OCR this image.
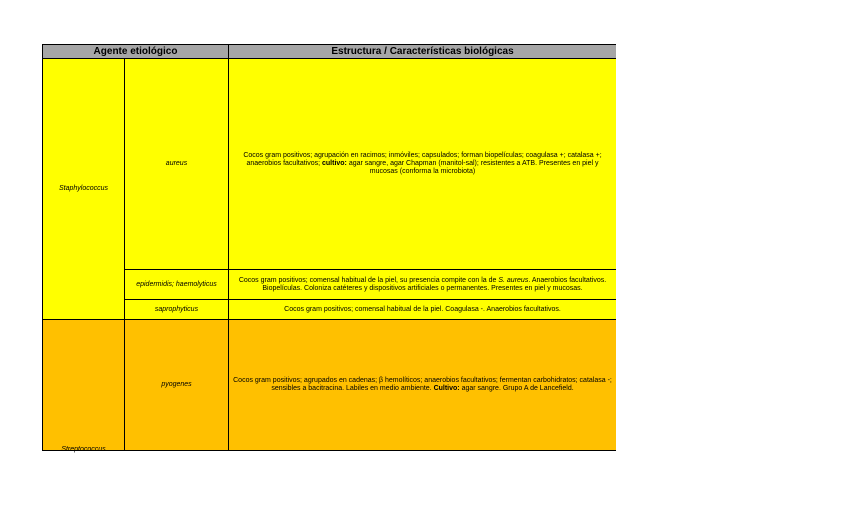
Agente etiológico		Estructura / Características biológicas
Staphylococcus	aureus	Cocos gram positivos; agrupación en racimos; inmóviles; capsulados; forman biopelículas; coagulasa +; catalasa +; anaerobios facultativos; cultivo: agar sangre, agar Chapman (manitol-sal); resistentes a ATB. Presentes en piel y mucosas (conforma la microbiota)
	epidermidis; haemolyticus	Cocos gram positivos; comensal habitual de la piel, su presencia compite con la de S. aureus. Anaerobios facultativos. Biopelículas. Coloniza catéteres y dispositivos artificiales o permanentes. Presentes en piel y mucosas.
	saprophyticus	Cocos gram positivos; comensal habitual de la piel. Coagulasa -. Anaerobios facultativos.

Streptococcus	pyogenes	Cocos gram positivos; agrupados en cadenas; β hemolíticos; anaerobios facultativos; fermentan carbohidratos; catalasa -; sensibles a bacitracina. Labiles en medio ambiente. Cultivo: agar sangre. Grupo A de Lancefield.
